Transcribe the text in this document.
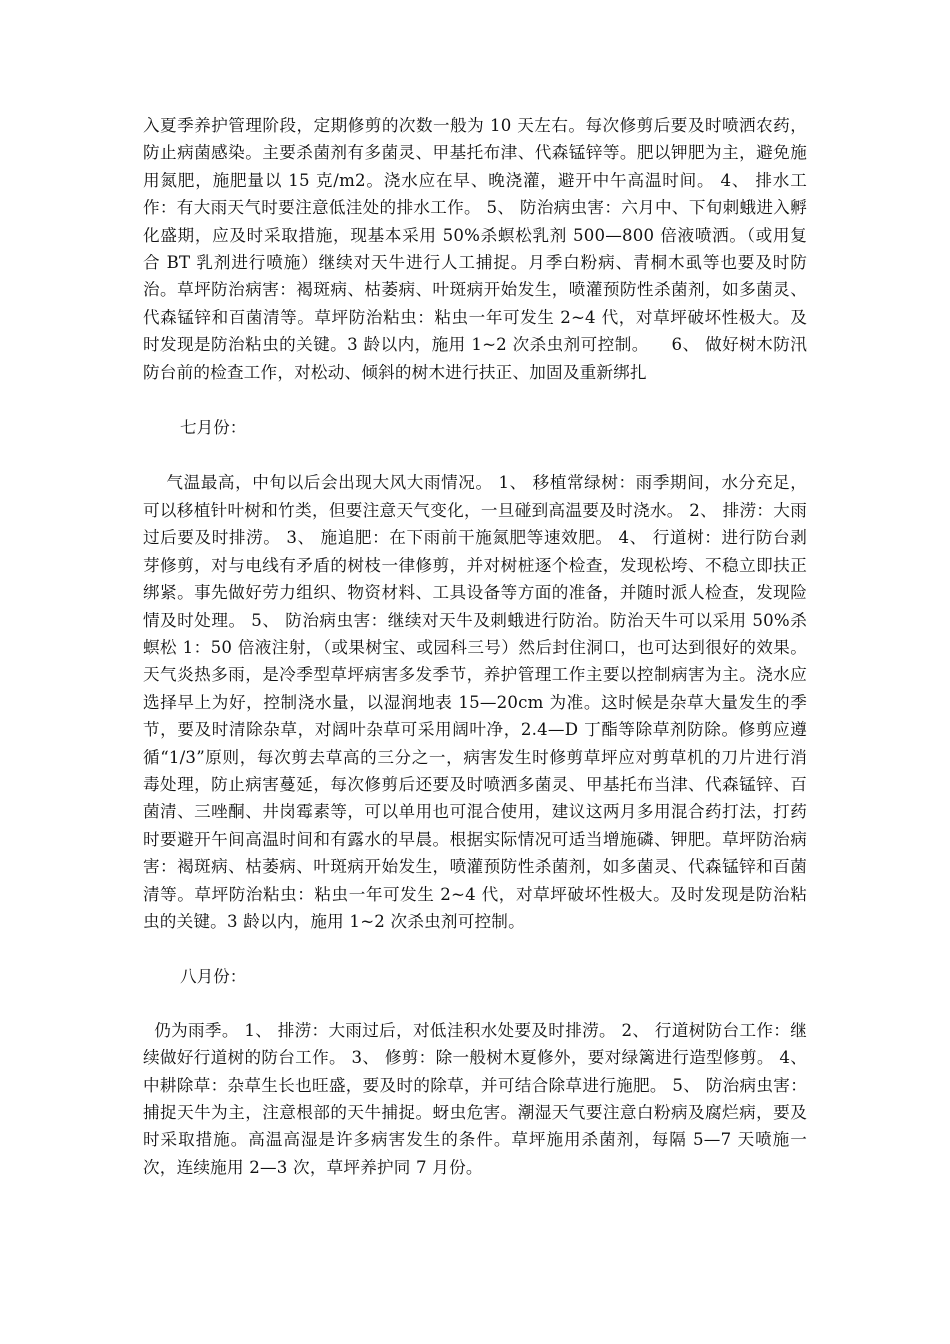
入夏季养护管理阶段，定期修剪的次数一般为 10 天左右。每次修剪后要及时喷洒农药，防止病菌感染。主要杀菌剂有多菌灵、甲基托布津、代森锰锌等。肥以钾肥为主，避免施用氮肥，施肥量以 15 克/m2。浇水应在早、晚浇灌，避开中午高温时间。 4、 排水工作：有大雨天气时要注意低洼处的排水工作。 5、 防治病虫害：六月中、下旬刺蛾进入孵化盛期，应及时采取措施，现基本采用 50%杀螟松乳剂 500—800 倍液喷洒。（或用复合 BT 乳剂进行喷施）继续对天牛进行人工捕捉。月季白粉病、青桐木虱等也要及时防治。草坪防治病害：褐斑病、枯萎病、叶斑病开始发生，喷灌预防性杀菌剂，如多菌灵、代森锰锌和百菌清等。草坪防治粘虫：粘虫一年可发生 2~4 代，对草坪破坏性极大。及时发现是防治粘虫的关键。3 龄以内，施用 1~2 次杀虫剂可控制。    6、 做好树木防汛防台前的检查工作，对松动、倾斜的树木进行扶正、加固及重新绑扎

七月份：

气温最高，中旬以后会出现大风大雨情况。 1、 移植常绿树：雨季期间，水分充足，可以移植针叶树和竹类，但要注意天气变化，一旦碰到高温要及时浇水。 2、 排涝：大雨过后要及时排涝。 3、 施追肥：在下雨前干施氮肥等速效肥。 4、 行道树：进行防台剥芽修剪，对与电线有矛盾的树枝一律修剪，并对树桩逐个检查，发现松垮、不稳立即扶正绑紧。事先做好劳力组织、物资材料、工具设备等方面的准备，并随时派人检查，发现险情及时处理。 5、 防治病虫害：继续对天牛及刺蛾进行防治。防治天牛可以采用 50%杀螟松 1：50 倍液注射，（或果树宝、或园科三号）然后封住洞口，也可达到很好的效果。  天气炎热多雨，是冷季型草坪病害多发季节，养护管理工作主要以控制病害为主。浇水应选择早上为好，控制浇水量，以湿润地表 15—20cm 为准。这时候是杂草大量发生的季节，要及时清除杂草，对阔叶杂草可采用阔叶净，2.4—D 丁酯等除草剂防除。修剪应遵循“1/3”原则，每次剪去草高的三分之一，病害发生时修剪草坪应对剪草机的刀片进行消毒处理，防止病害蔓延，每次修剪后还要及时喷洒多菌灵、甲基托布当津、代森锰锌、百菌清、三唑酮、井岗霉素等，可以单用也可混合使用，建议这两月多用混合药打法，打药时要避开午间高温时间和有露水的早晨。根据实际情况可适当增施磷、钾肥。草坪防治病害：褐斑病、枯萎病、叶斑病开始发生，喷灌预防性杀菌剂，如多菌灵、代森锰锌和百菌清等。草坪防治粘虫：粘虫一年可发生 2~4 代，对草坪破坏性极大。及时发现是防治粘虫的关键。3 龄以内，施用 1~2 次杀虫剂可控制。

八月份：

仍为雨季。 1、 排涝：大雨过后，对低洼积水处要及时排涝。 2、 行道树防台工作：继续做好行道树的防台工作。 3、 修剪：除一般树木夏修外，要对绿篱进行造型修剪。 4、 中耕除草：杂草生长也旺盛，要及时的除草，并可结合除草进行施肥。 5、 防治病虫害：捕捉天牛为主，注意根部的天牛捕捉。蚜虫危害。潮湿天气要注意白粉病及腐烂病，要及时采取措施。高温高湿是许多病害发生的条件。草坪施用杀菌剂，每隔 5—7 天喷施一次，连续施用 2—3 次，草坪养护同 7 月份。
